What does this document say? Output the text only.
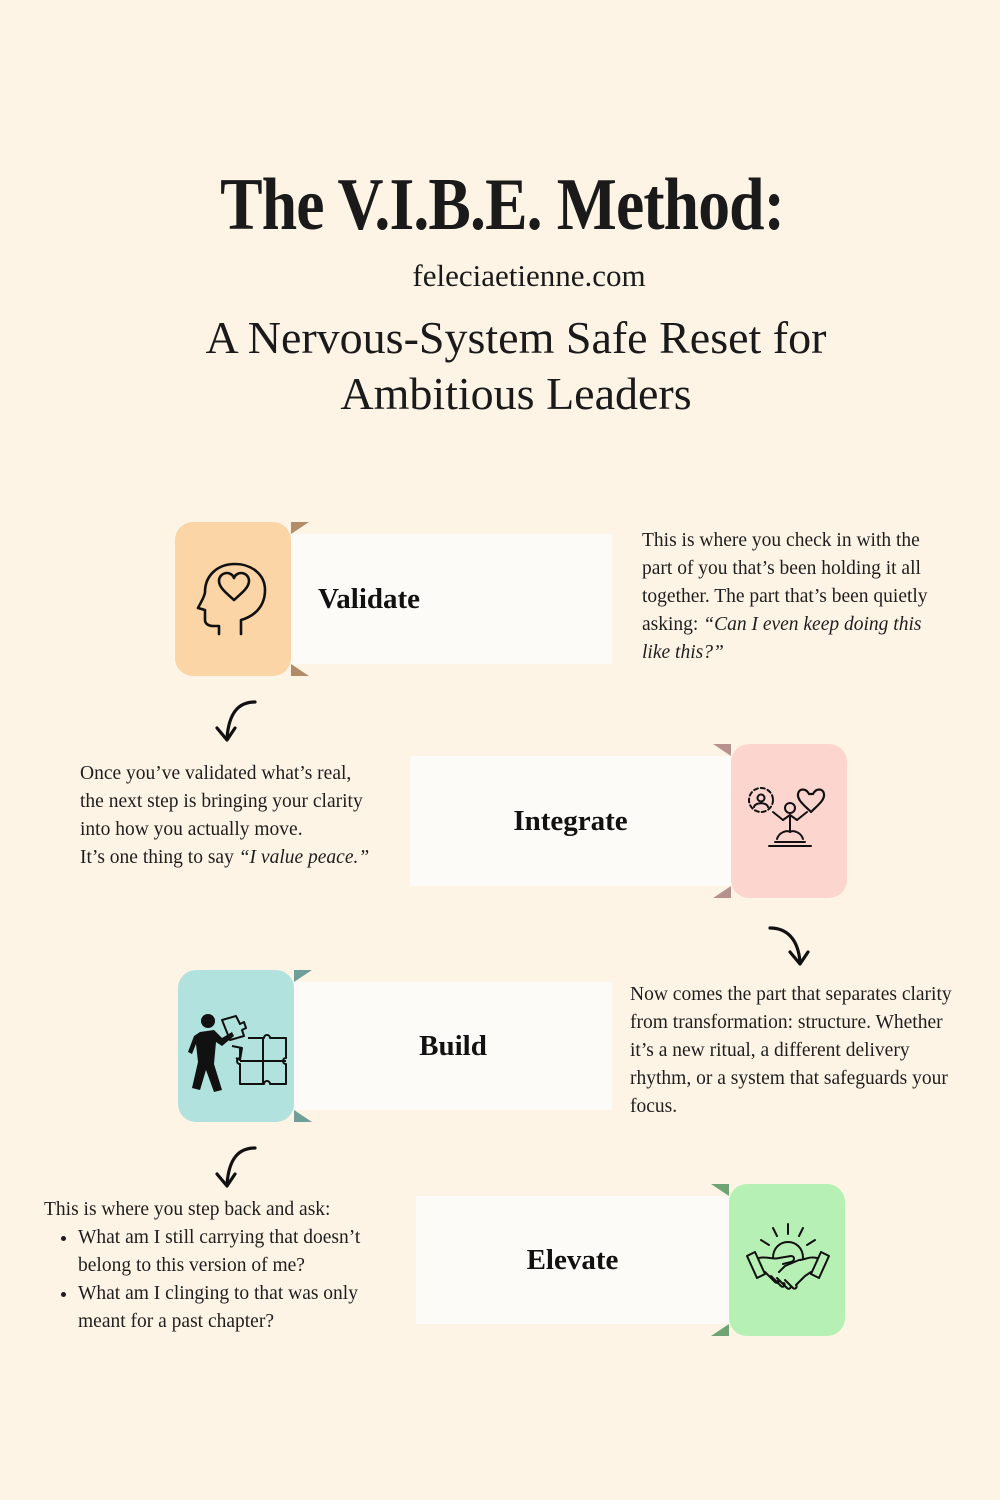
The V.I.B.E. Method:
feleciaetienne.com
A Nervous-System Safe Reset for
Ambitious Leaders
Validate
This is where you check in with the part of you that’s been holding it all together. The part that’s been quietly asking: “Can I even keep doing this like this?”
Once you’ve validated what’s real,
the next step is bringing your clarity
into how you actually move.
It’s one thing to say “I value peace.”
Integrate
Build
Now comes the part that separates clarity from transformation: structure. Whether it’s a new ritual, a different delivery rhythm, or a system that safeguards your focus.
This is where you step back and ask:
• What am I still carrying that doesn’t belong to this version of me?
• What am I clinging to that was only meant for a past chapter?
Elevate
